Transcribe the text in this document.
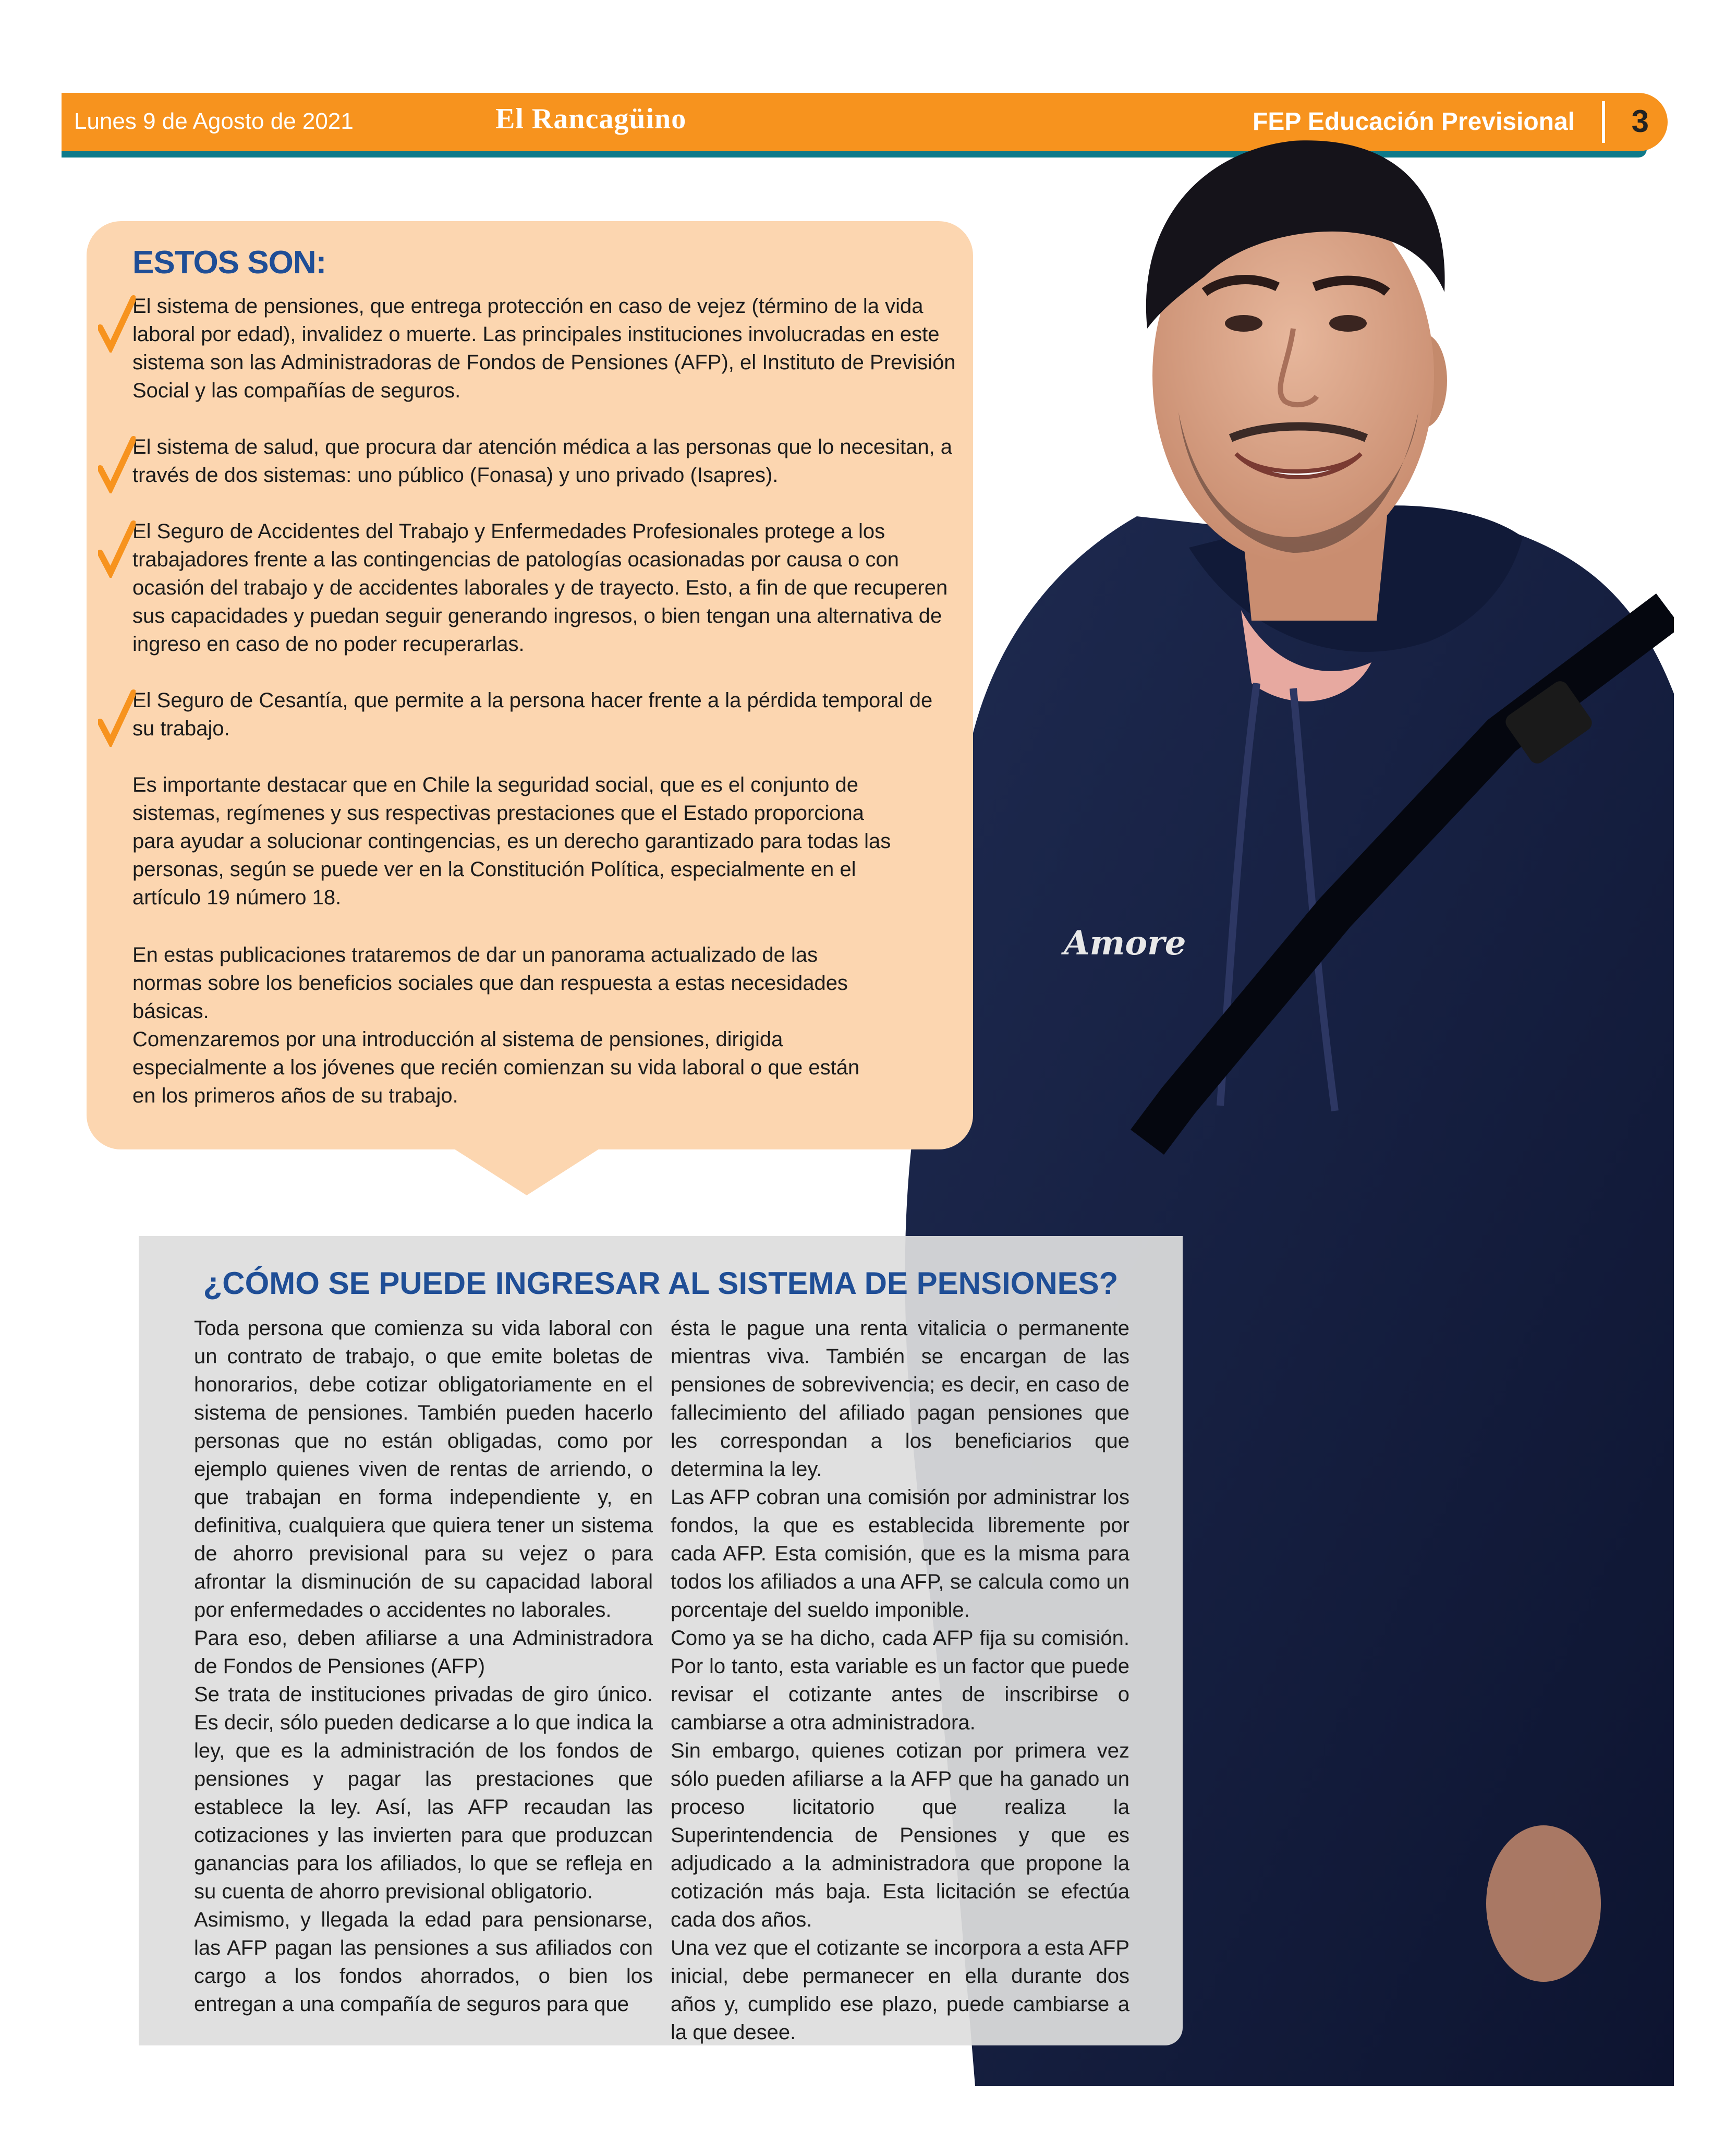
Lunes 9 de Agosto de 2021	El Rancagüino	FEP Educación Previsional 3
Amore
ESTOS SON:
El sistema de pensiones, que entrega protección en caso de vejez (término de la vida laboral por edad), invalidez o muerte. Las principales instituciones involucradas en este sistema son las Administradoras de Fondos de Pensiones (AFP), el Instituto de Previsión Social y las compañías de seguros.
El sistema de salud, que procura dar atención médica a las personas que lo necesitan, a través de dos sistemas: uno público (Fonasa) y uno privado (Isapres).
El Seguro de Accidentes del Trabajo y Enfermedades Profesionales protege a los trabajadores frente a las contingencias de patologías ocasionadas por causa o con ocasión del trabajo y de accidentes laborales y de trayecto. Esto, a fin de que recuperen sus capacidades y puedan seguir generando ingresos, o bien tengan una alternativa de ingreso en caso de no poder recuperarlas.
El Seguro de Cesantía, que permite a la persona hacer frente a la pérdida temporal de su trabajo.

Es importante destacar que en Chile la seguridad social, que es el conjunto de sistemas, regímenes y sus respectivas prestaciones que el Estado proporciona para ayudar a solucionar contingencias, es un derecho garantizado para todas las personas, según se puede ver en la Constitución Política, especialmente en el artículo 19 número 18.

En estas publicaciones trataremos de dar un panorama actualizado de las normas sobre los beneficios sociales que dan respuesta a estas necesidades básicas.

Comenzaremos por una introducción al sistema de pensiones, dirigida especialmente a los jóvenes que recién comienzan su vida laboral o que están en los primeros años de su trabajo.

¿CÓMO SE PUEDE INGRESAR AL SISTEMA DE PENSIONES?

Toda persona que comienza su vida laboral con un contrato de trabajo, o que emite boletas de honorarios, debe cotizar obligatoriamente en el sistema de pensiones. También pueden hacerlo personas que no están obligadas, como por ejemplo quienes viven de rentas de arriendo, o que trabajan en forma independiente y, en definitiva, cualquiera que quiera tener un sistema de ahorro previsional para su vejez o para afrontar la disminución de su capacidad laboral por enfermedades o accidentes no laborales.

Para eso, deben afiliarse a una Administradora de Fondos de Pensiones (AFP)

Se trata de instituciones privadas de giro único. Es decir, sólo pueden dedicarse a lo que indica la ley, que es la administración de los fondos de pensiones y pagar las prestaciones que establece la ley. Así, las AFP recaudan las cotizaciones y las invierten para que produzcan ganancias para los afiliados, lo que se refleja en su cuenta de ahorro previsional obligatorio.

Asimismo, y llegada la edad para pensionarse, las AFP pagan las pensiones a sus afiliados con cargo a los fondos ahorrados, o bien los entregan a una compañía de seguros para que

ésta le pague una renta vitalicia o permanente mientras viva. También se encargan de las pensiones de sobrevivencia; es decir, en caso de fallecimiento del afiliado pagan pensiones que les correspondan a los beneficiarios que determina la ley.

Las AFP cobran una comisión por administrar los fondos, la que es establecida libremente por cada AFP. Esta comisión, que es la misma para todos los afiliados a una AFP, se calcula como un porcentaje del sueldo imponible.

Como ya se ha dicho, cada AFP fija su comisión. Por lo tanto, esta variable es un factor que puede revisar el cotizante antes de inscribirse o cambiarse a otra administradora.

Sin embargo, quienes cotizan por primera vez sólo pueden afiliarse a la AFP que ha ganado un proceso licitatorio que realiza la Superintendencia de Pensiones y que es adjudicado a la administradora que propone la cotización más baja. Esta licitación se efectúa cada dos años.

Una vez que el cotizante se incorpora a esta AFP inicial, debe permanecer en ella durante dos años y, cumplido ese plazo, puede cambiarse a la que desee.
